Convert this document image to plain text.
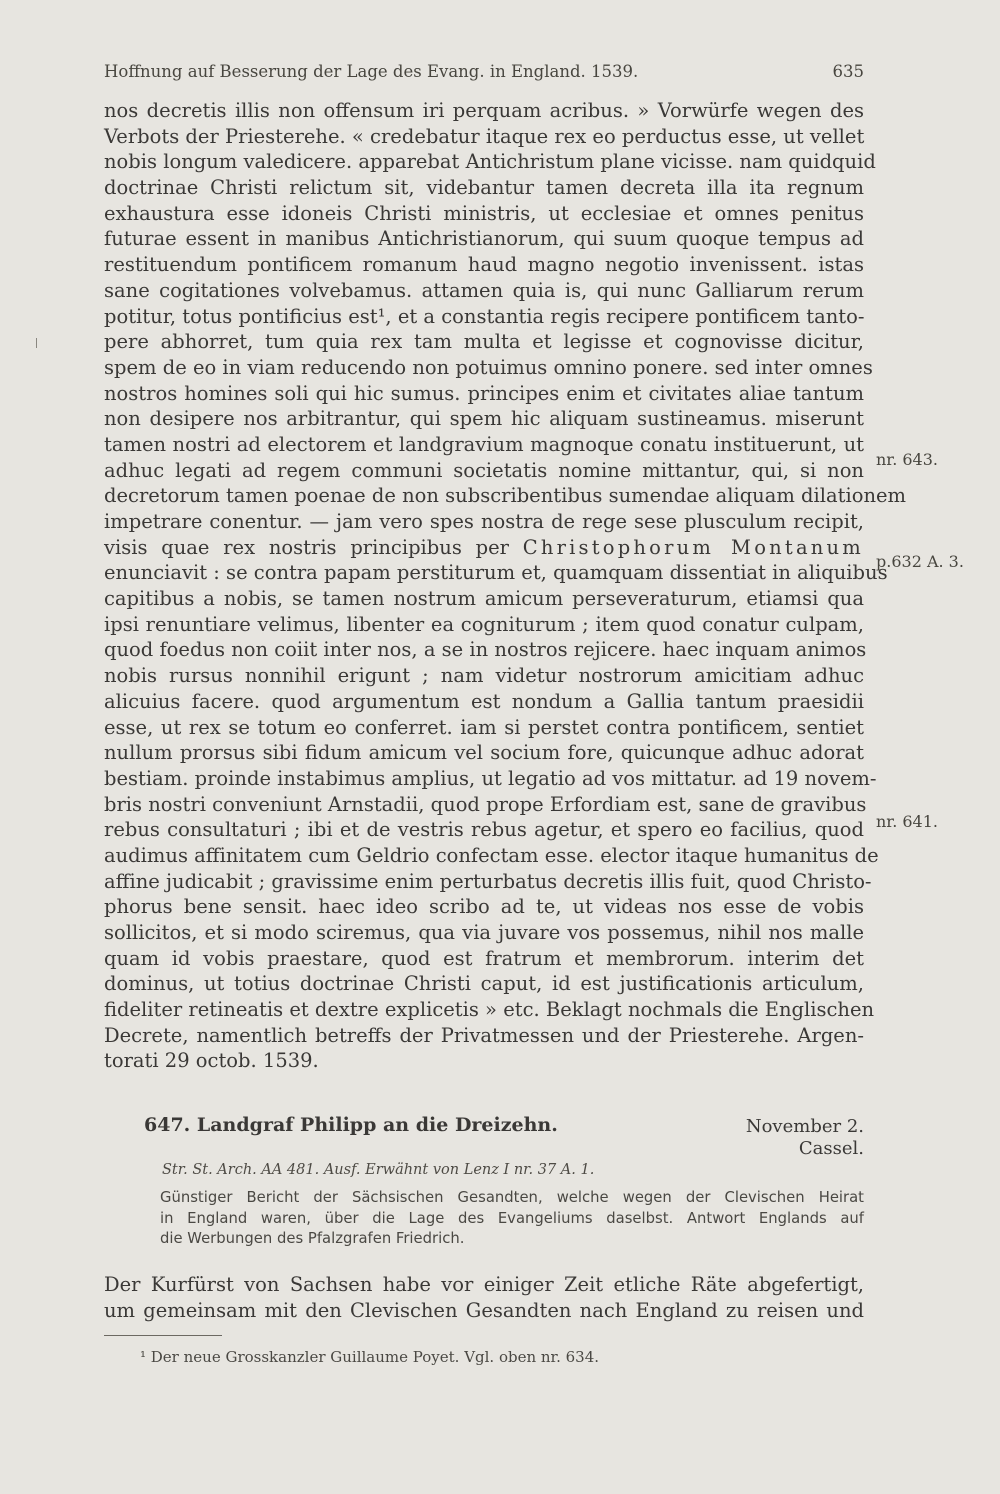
Hoffnung auf Besserung der Lage des Evang. in England. 1539.	635
nos decretis illis non offensum iri perquam acribus. » Vorwürfe wegen des
Verbots der Priesterehe. « credebatur itaque rex eo perductus esse, ut vellet
nobis longum valedicere. apparebat Antichristum plane vicisse. nam quidquid
doctrinae Christi relictum sit, videbantur tamen decreta illa ita regnum
exhaustura esse idoneis Christi ministris, ut ecclesiae et omnes penitus
futurae essent in manibus Antichristianorum, qui suum quoque tempus ad
restituendum pontificem romanum haud magno negotio invenissent. istas
sane cogitationes volvebamus. attamen quia is, qui nunc Galliarum rerum
potitur, totus pontificius est¹, et a constantia regis recipere pontificem tanto-
pere abhorret, tum quia rex tam multa et legisse et cognovisse dicitur,
spem de eo in viam reducendo non potuimus omnino ponere. sed inter omnes
nostros homines soli qui hic sumus. principes enim et civitates aliae tantum
non desipere nos arbitrantur, qui spem hic aliquam sustineamus. miserunt
tamen nostri ad electorem et landgravium magnoque conatu instituerunt, ut
adhuc legati ad regem communi societatis nomine mittantur, qui, si non
decretorum tamen poenae de non subscribentibus sumendae aliquam dilationem
impetrare conentur. — jam vero spes nostra de rege sese plusculum recipit,
visis quae rex nostris principibus per Christophorum Montanum
enunciavit : se contra papam perstiturum et, quamquam dissentiat in aliquibus
capitibus a nobis, se tamen nostrum amicum perseveraturum, etiamsi qua
ipsi renuntiare velimus, libenter ea cogniturum ; item quod conatur culpam,
quod foedus non coiit inter nos, a se in nostros rejicere. haec inquam animos
nobis rursus nonnihil erigunt ; nam videtur nostrorum amicitiam adhuc
alicuius facere. quod argumentum est nondum a Gallia tantum praesidii
esse, ut rex se totum eo conferret. iam si perstet contra pontificem, sentiet
nullum prorsus sibi fidum amicum vel socium fore, quicunque adhuc adorat
bestiam. proinde instabimus amplius, ut legatio ad vos mittatur. ad 19 novem-
bris nostri conveniunt Arnstadii, quod prope Erfordiam est, sane de gravibus
rebus consultaturi ; ibi et de vestris rebus agetur, et spero eo facilius, quod
audimus affinitatem cum Geldrio confectam esse. elector itaque humanitus de
affine judicabit ; gravissime enim perturbatus decretis illis fuit, quod Christo-
phorus bene sensit. haec ideo scribo ad te, ut videas nos esse de vobis
sollicitos, et si modo sciremus, qua via juvare vos possemus, nihil nos malle
quam id vobis praestare, quod est fratrum et membrorum. interim det
dominus, ut totius doctrinae Christi caput, id est justificationis articulum,
fideliter retineatis et dextre explicetis » etc. Beklagt nochmals die Englischen
Decrete, namentlich betreffs der Privatmessen und der Priesterehe. Argen-
torati 29 octob. 1539.
nr. 643.
p.632 A. 3.
nr. 641.
647. Landgraf Philipp an die Dreizehn.	November 2.
Cassel.
Str. St. Arch. AA 481. Ausf. Erwähnt von Lenz I nr. 37 A. 1.
Günstiger Bericht der Sächsischen Gesandten, welche wegen der Clevischen Heirat
in England waren, über die Lage des Evangeliums daselbst. Antwort Englands auf
die Werbungen des Pfalzgrafen Friedrich.
Der Kurfürst von Sachsen habe vor einiger Zeit etliche Räte abgefertigt,
um gemeinsam mit den Clevischen Gesandten nach England zu reisen und
¹ Der neue Grosskanzler Guillaume Poyet. Vgl. oben nr. 634.
